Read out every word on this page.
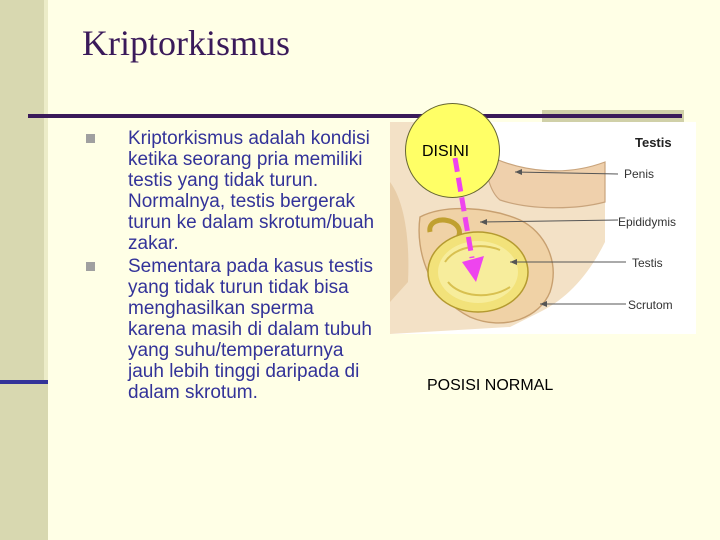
Kriptorkismus
Kriptorkismus adalah kondisi ketika seorang pria memiliki testis yang tidak turun. Normalnya, testis bergerak turun ke dalam skrotum/buah zakar.
Sementara pada kasus testis yang tidak turun tidak bisa menghasilkan sperma karena masih di dalam tubuh yang suhu/temperaturnya jauh lebih tinggi daripada di dalam skrotum.
Testis
Penis
Epididymis
Testis
Scrutom
DISINI
POSISI NORMAL
